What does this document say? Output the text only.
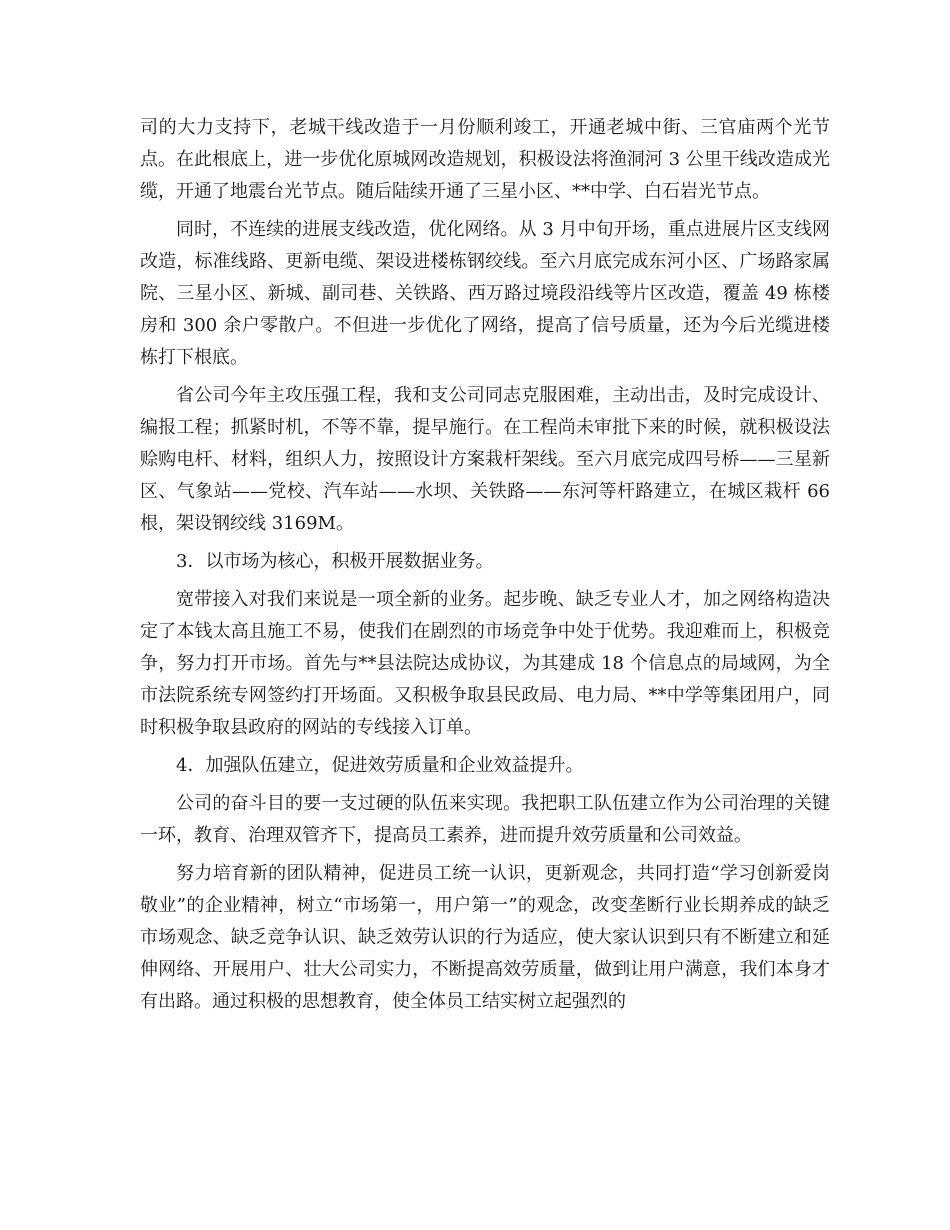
司的大力支持下，老城干线改造于一月份顺利竣工，开通老城中街、三官庙两个光节点。在此根底上，进一步优化原城网改造规划，积极设法将渔洞河 3 公里干线改造成光缆，开通了地震台光节点。随后陆续开通了三星小区、**中学、白石岩光节点。

同时，不连续的进展支线改造，优化网络。从 3 月中旬开场，重点进展片区支线网改造，标准线路、更新电缆、架设进楼栋钢绞线。至六月底完成东河小区、广场路家属院、三星小区、新城、副司巷、关铁路、西万路过境段沿线等片区改造，覆盖 49 栋楼房和 300 余户零散户。不但进一步优化了网络，提高了信号质量，还为今后光缆进楼栋打下根底。

省公司今年主攻压强工程，我和支公司同志克服困难，主动出击，及时完成设计、编报工程；抓紧时机，不等不靠，提早施行。在工程尚未审批下来的时候，就积极设法赊购电杆、材料，组织人力，按照设计方案栽杆架线。至六月底完成四号桥——三星新区、气象站——党校、汽车站——水坝、关铁路——东河等杆路建立，在城区栽杆 66 根，架设钢绞线 3169M。

3．以市场为核心，积极开展数据业务。

宽带接入对我们来说是一项全新的业务。起步晚、缺乏专业人才，加之网络构造决定了本钱太高且施工不易，使我们在剧烈的市场竞争中处于优势。我迎难而上，积极竞争，努力打开市场。首先与**县法院达成协议，为其建成 18 个信息点的局域网，为全市法院系统专网签约打开场面。又积极争取县民政局、电力局、**中学等集团用户，同时积极争取县政府的网站的专线接入订单。

4．加强队伍建立，促进效劳质量和企业效益提升。

公司的奋斗目的要一支过硬的队伍来实现。我把职工队伍建立作为公司治理的关键一环，教育、治理双管齐下，提高员工素养，进而提升效劳质量和公司效益。

努力培育新的团队精神，促进员工统一认识，更新观念，共同打造“学习创新爱岗敬业”的企业精神，树立“市场第一，用户第一”的观念，改变垄断行业长期养成的缺乏市场观念、缺乏竞争认识、缺乏效劳认识的行为适应，使大家认识到只有不断建立和延伸网络、开展用户、壮大公司实力，不断提高效劳质量，做到让用户满意，我们本身才有出路。通过积极的思想教育，使全体员工结实树立起强烈的
